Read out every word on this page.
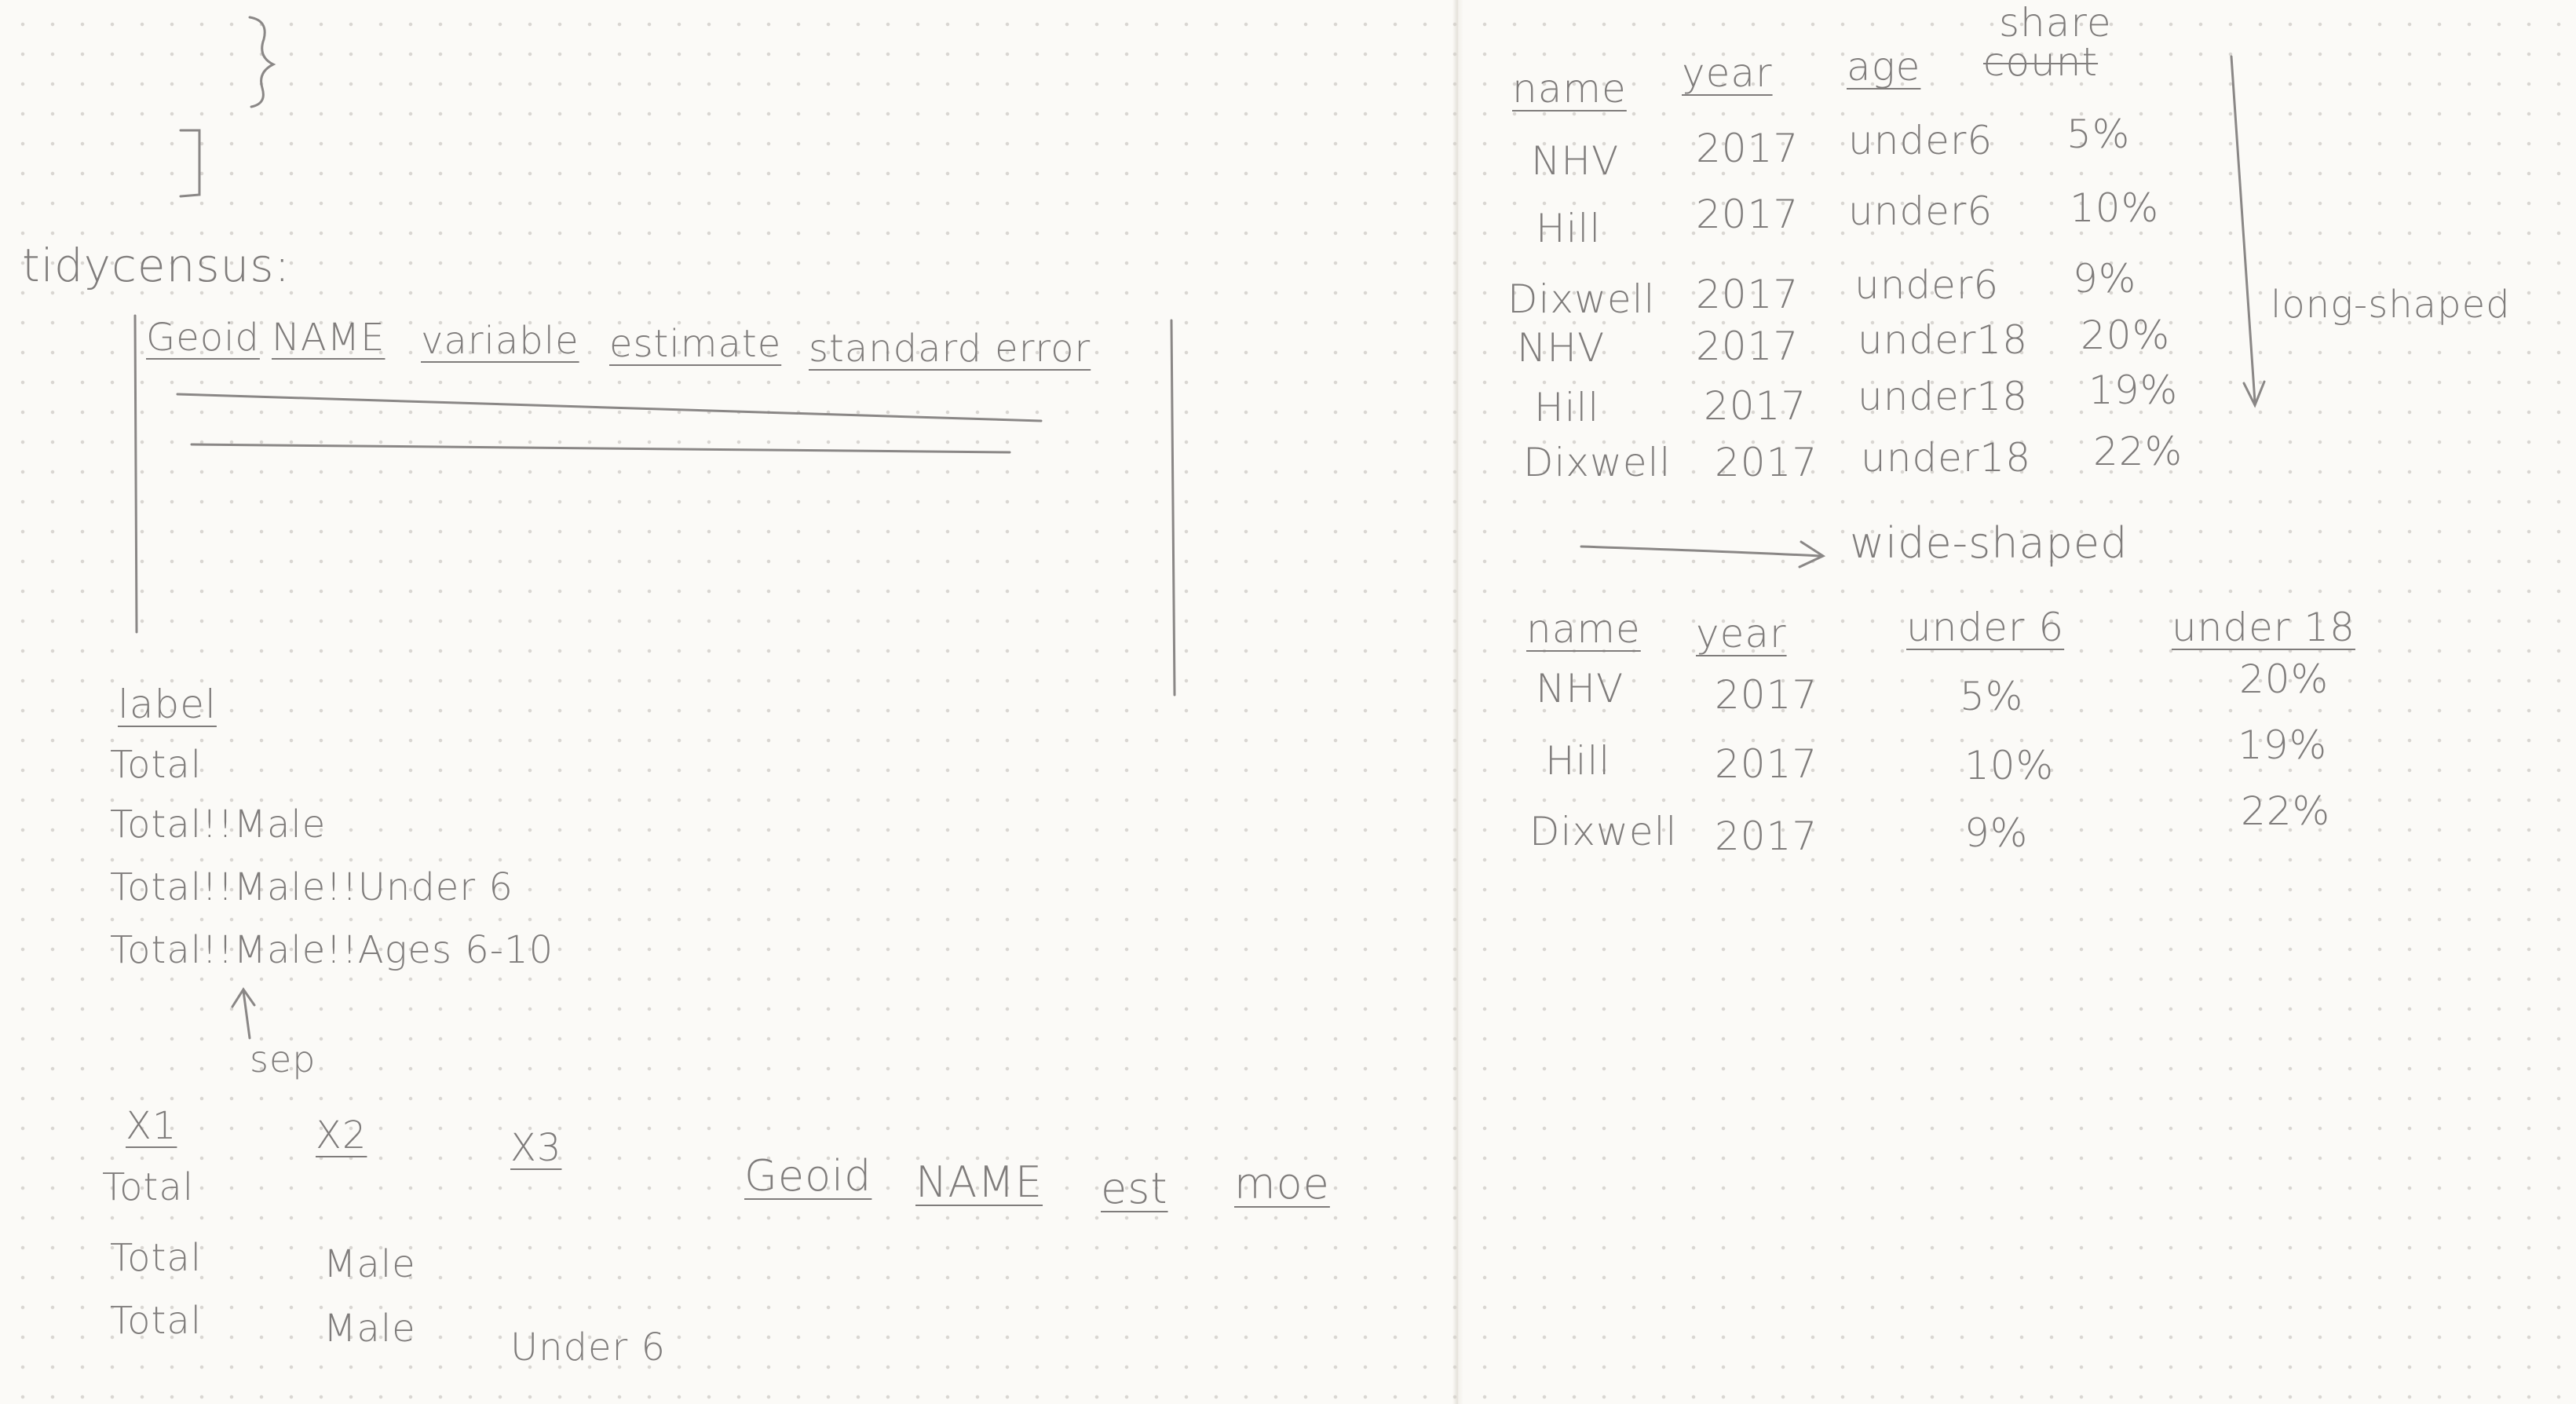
tidycensus:
Geoid NAME variable estimate standard error
label
Total
Total!!Male
Total!!Male!!Under 6
Total!!Male!!Ages 6-10
sep
X1	X2	X3
Total
Total	Male
Total	Male	Under 6
Geoid NAME est moe
share
name year age count
NHV 2017 under6 5%
Hill 2017 under6 10%
Dixwell 2017 under6 9%
NHV 2017 under18 20%
Hill	2017 under18 19%
Dixwell 2017 under18 22%
long-shaped
wide-shaped
name year	under 6	under 18
NHV 2017	5%	20%
Hill	2017	10%	19%
Dixwell 2017	9%	22%
